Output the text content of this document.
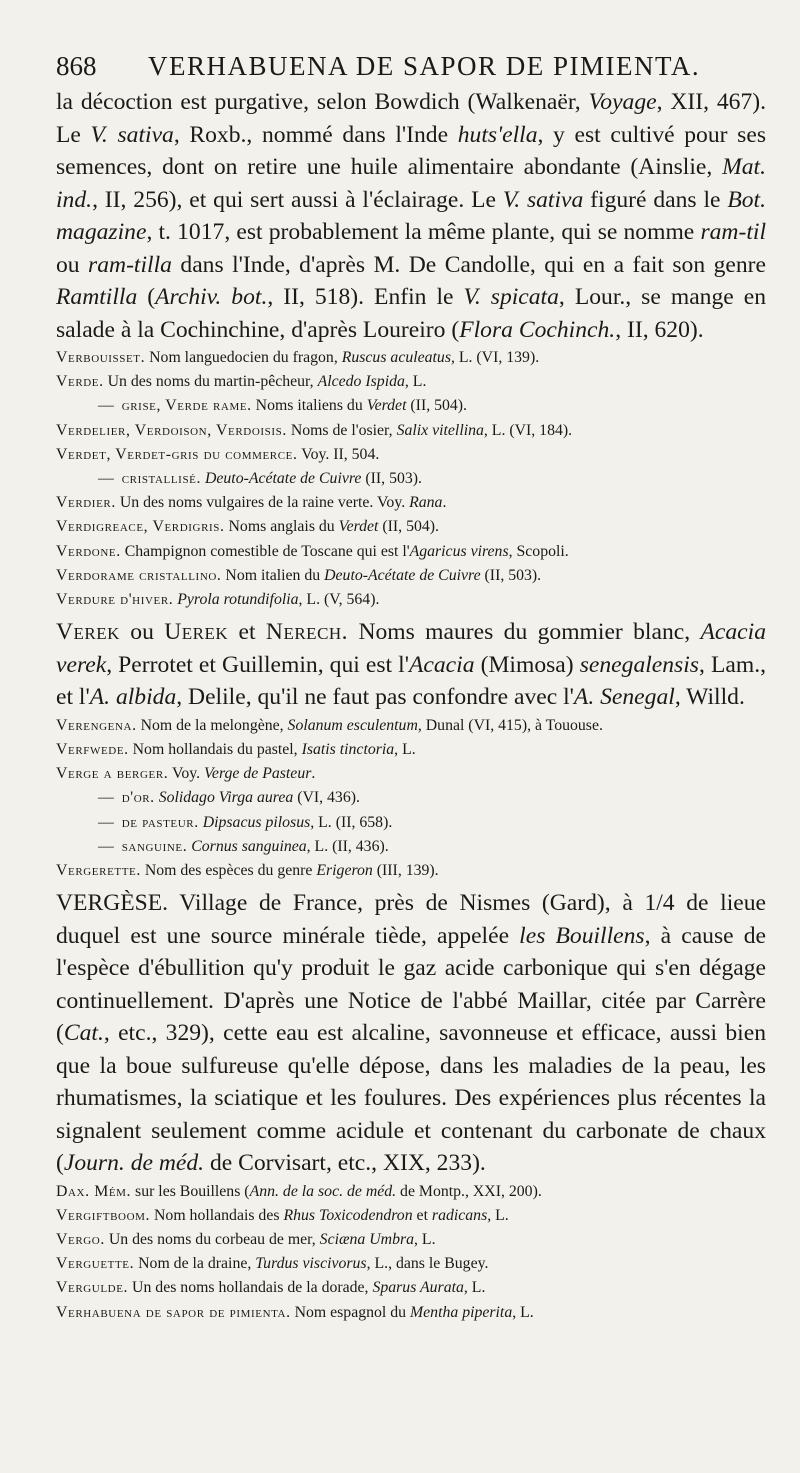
868	VERHABUENA DE SAPOR DE PIMIENTA.

la décoction est purgative, selon Bowdich (Walkenaër, Voyage, XII, 467). Le V. sativa, Roxb., nommé dans l'Inde huts'ella, y est cultivé pour ses semences, dont on retire une huile alimentaire abondante (Ainslie, Mat. ind., II, 256), et qui sert aussi à l'éclairage. Le V. sativa figuré dans le Bot. magazine, t. 1017, est probablement la même plante, qui se nomme ram-til ou ram-tilla dans l'Inde, d'après M. De Candolle, qui en a fait son genre Ramtilla (Archiv. bot., II, 518). Enfin le V. spicata, Lour., se mange en salade à la Cochinchine, d'après Loureiro (Flora Cochinch., II, 620).

Verbouisset. Nom languedocien du fragon, Ruscus aculeatus, L. (VI, 139).

Verde. Un des noms du martin-pêcheur, Alcedo Ispida, L.

— grise, Verde rame. Noms italiens du Verdet (II, 504).

Verdelier, Verdoison, Verdoisis. Noms de l'osier, Salix vitellina, L. (VI, 184).

Verdet, Verdet-gris du commerce. Voy. II, 504.

— cristallisé. Deuto-Acétate de Cuivre (II, 503).

Verdier. Un des noms vulgaires de la raine verte. Voy. Rana.

Verdigreace, Verdigris. Noms anglais du Verdet (II, 504).

Verdone. Champignon comestible de Toscane qui est l'Agaricus virens, Scopoli.

Verdorame cristallino. Nom italien du Deuto-Acétate de Cuivre (II, 503).

Verdure d'hiver. Pyrola rotundifolia, L. (V, 564).

Verek ou Uerek et Nerech. Noms maures du gommier blanc, Acacia verek, Perrotet et Guillemin, qui est l'Acacia (Mimosa) senegalensis, Lam., et l'A. albida, Delile, qu'il ne faut pas confondre avec l'A. Senegal, Willd.

Verengena. Nom de la melongène, Solanum esculentum, Dunal (VI, 415), à Tououse.

Verfwede. Nom hollandais du pastel, Isatis tinctoria, L.

Verge a berger. Voy. Verge de Pasteur.

— d'or. Solidago Virga aurea (VI, 436).

— de pasteur. Dipsacus pilosus, L. (II, 658).

— sanguine. Cornus sanguinea, L. (II, 436).

Vergerette. Nom des espèces du genre Erigeron (III, 139).

VERGÈSE. Village de France, près de Nismes (Gard), à 1/4 de lieue duquel est une source minérale tiède, appelée les Bouillens, à cause de l'espèce d'ébullition qu'y produit le gaz acide carbonique qui s'en dégage continuellement. D'après une Notice de l'abbé Maillar, citée par Carrère (Cat., etc., 329), cette eau est alcaline, savonneuse et efficace, aussi bien que la boue sulfureuse qu'elle dépose, dans les maladies de la peau, les rhumatismes, la sciatique et les foulures. Des expériences plus récentes la signalent seulement comme acidule et contenant du carbonate de chaux (Journ. de méd. de Corvisart, etc., XIX, 233).

Dax. Mém. sur les Bouillens (Ann. de la soc. de méd. de Montp., XXI, 200).

Vergiftboom. Nom hollandais des Rhus Toxicodendron et radicans, L.

Vergo. Un des noms du corbeau de mer, Sciæna Umbra, L.

Verguette. Nom de la draine, Turdus viscivorus, L., dans le Bugey.

Vergulde. Un des noms hollandais de la dorade, Sparus Aurata, L.

Verhabuena de sapor de pimienta. Nom espagnol du Mentha piperita, L.
